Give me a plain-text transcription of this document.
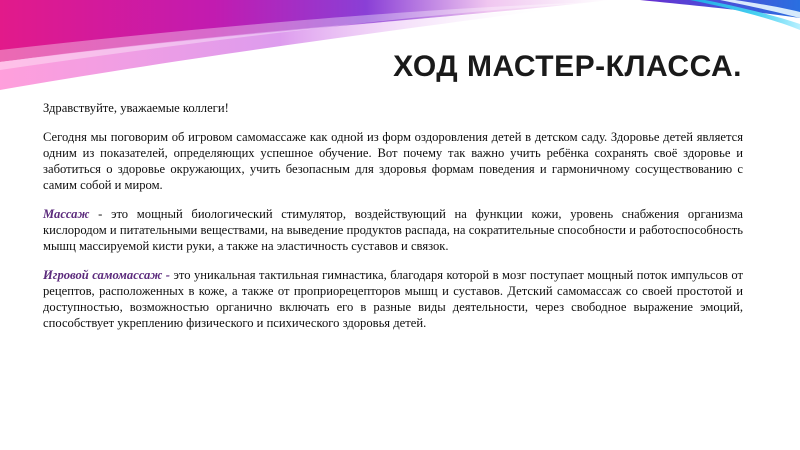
ХОД МАСТЕР-КЛАССА.

Здравствуйте, уважаемые коллеги!

Сегодня мы поговорим об игровом самомассаже как одной из форм оздоровления детей в детском саду. Здоровье детей является одним из показателей, определяющих успешное обучение. Вот почему так важно учить ребёнка сохранять своё здоровье и заботиться о здоровье окружающих, учить безопасным для здоровья формам поведения и гармоничному сосуществованию с самим собой и миром.

Массаж - это мощный биологический стимулятор, воздействующий на функции кожи, уровень снабжения организма кислородом и питательными веществами, на выведение продуктов распада, на сократительные способности и работоспособность мышц массируемой кисти руки, а также на эластичность суставов и связок.

Игровой самомассаж - это уникальная тактильная гимнастика, благодаря которой в мозг поступает мощный поток импульсов от рецептов, расположенных в коже, а также от проприорецепторов мышц и суставов. Детский самомассаж со своей простотой и доступностью, возможностью органично включать его в разные виды деятельности, через свободное выражение эмоций, способствует укреплению физического и психического здоровья детей.
